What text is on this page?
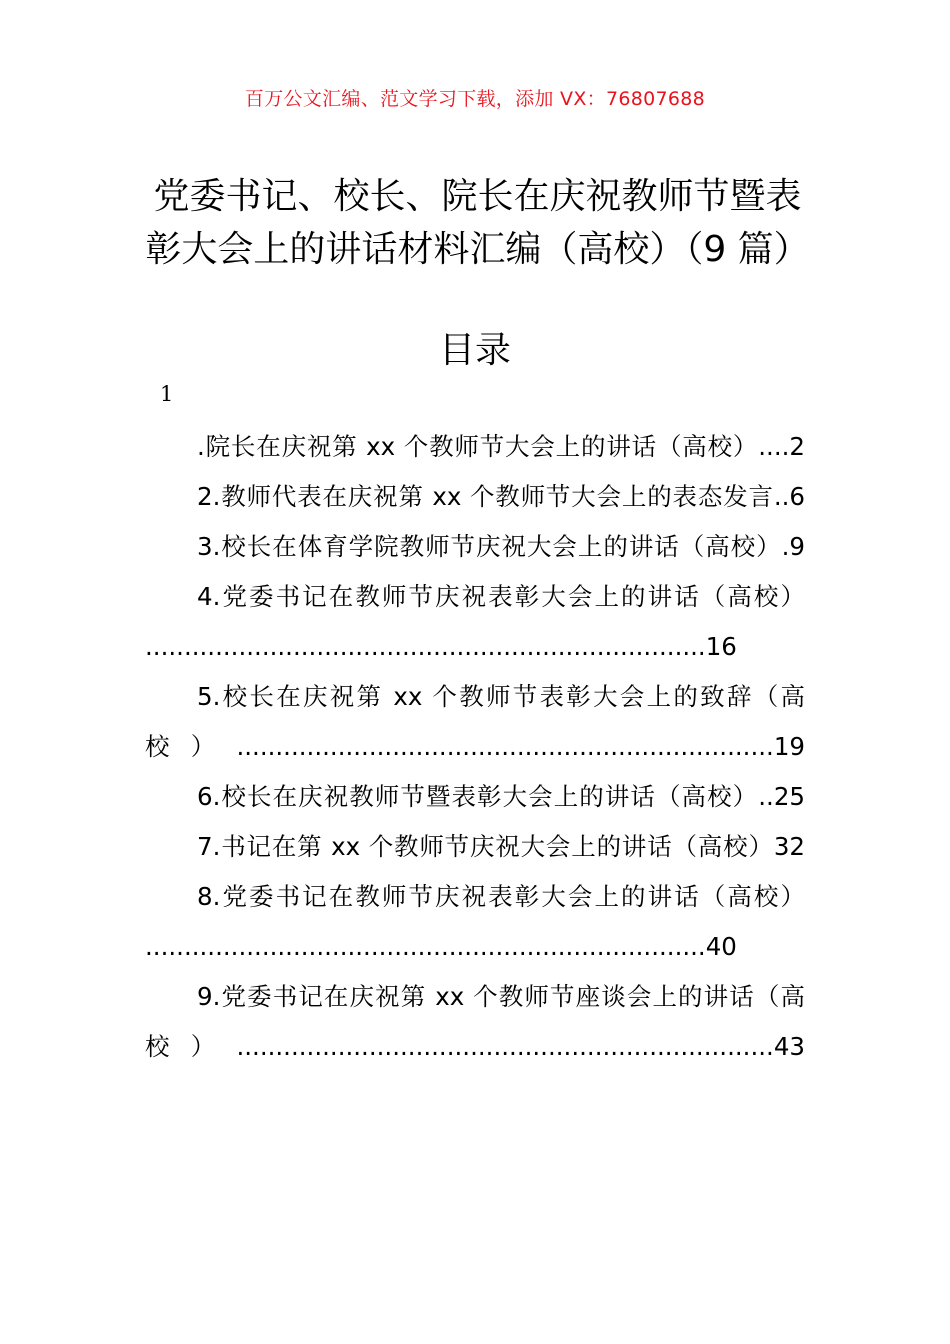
百万公文汇编、范文学习下载，添加 VX：76807688
党委书记、校长、院长在庆祝教师节暨表
彰大会上的讲话材料汇编（高校）（9 篇）
目录
1
.院长在庆祝第 xx 个教师节大会上的讲话（高校）....2
2.教师代表在庆祝第 xx 个教师节大会上的表态发言..6
3.校长在体育学院教师节庆祝大会上的讲话（高校）.9
4.党委书记在教师节庆祝表彰大会上的讲话（高校）
........................................................................16
5.校长在庆祝第 xx 个教师节表彰大会上的致辞（高
校）.....................................................................19
6.校长在庆祝教师节暨表彰大会上的讲话（高校）..25
7.书记在第 xx 个教师节庆祝大会上的讲话（高校）32
8.党委书记在教师节庆祝表彰大会上的讲话（高校）
........................................................................40
9.党委书记在庆祝第 xx 个教师节座谈会上的讲话（高
校）.....................................................................43
